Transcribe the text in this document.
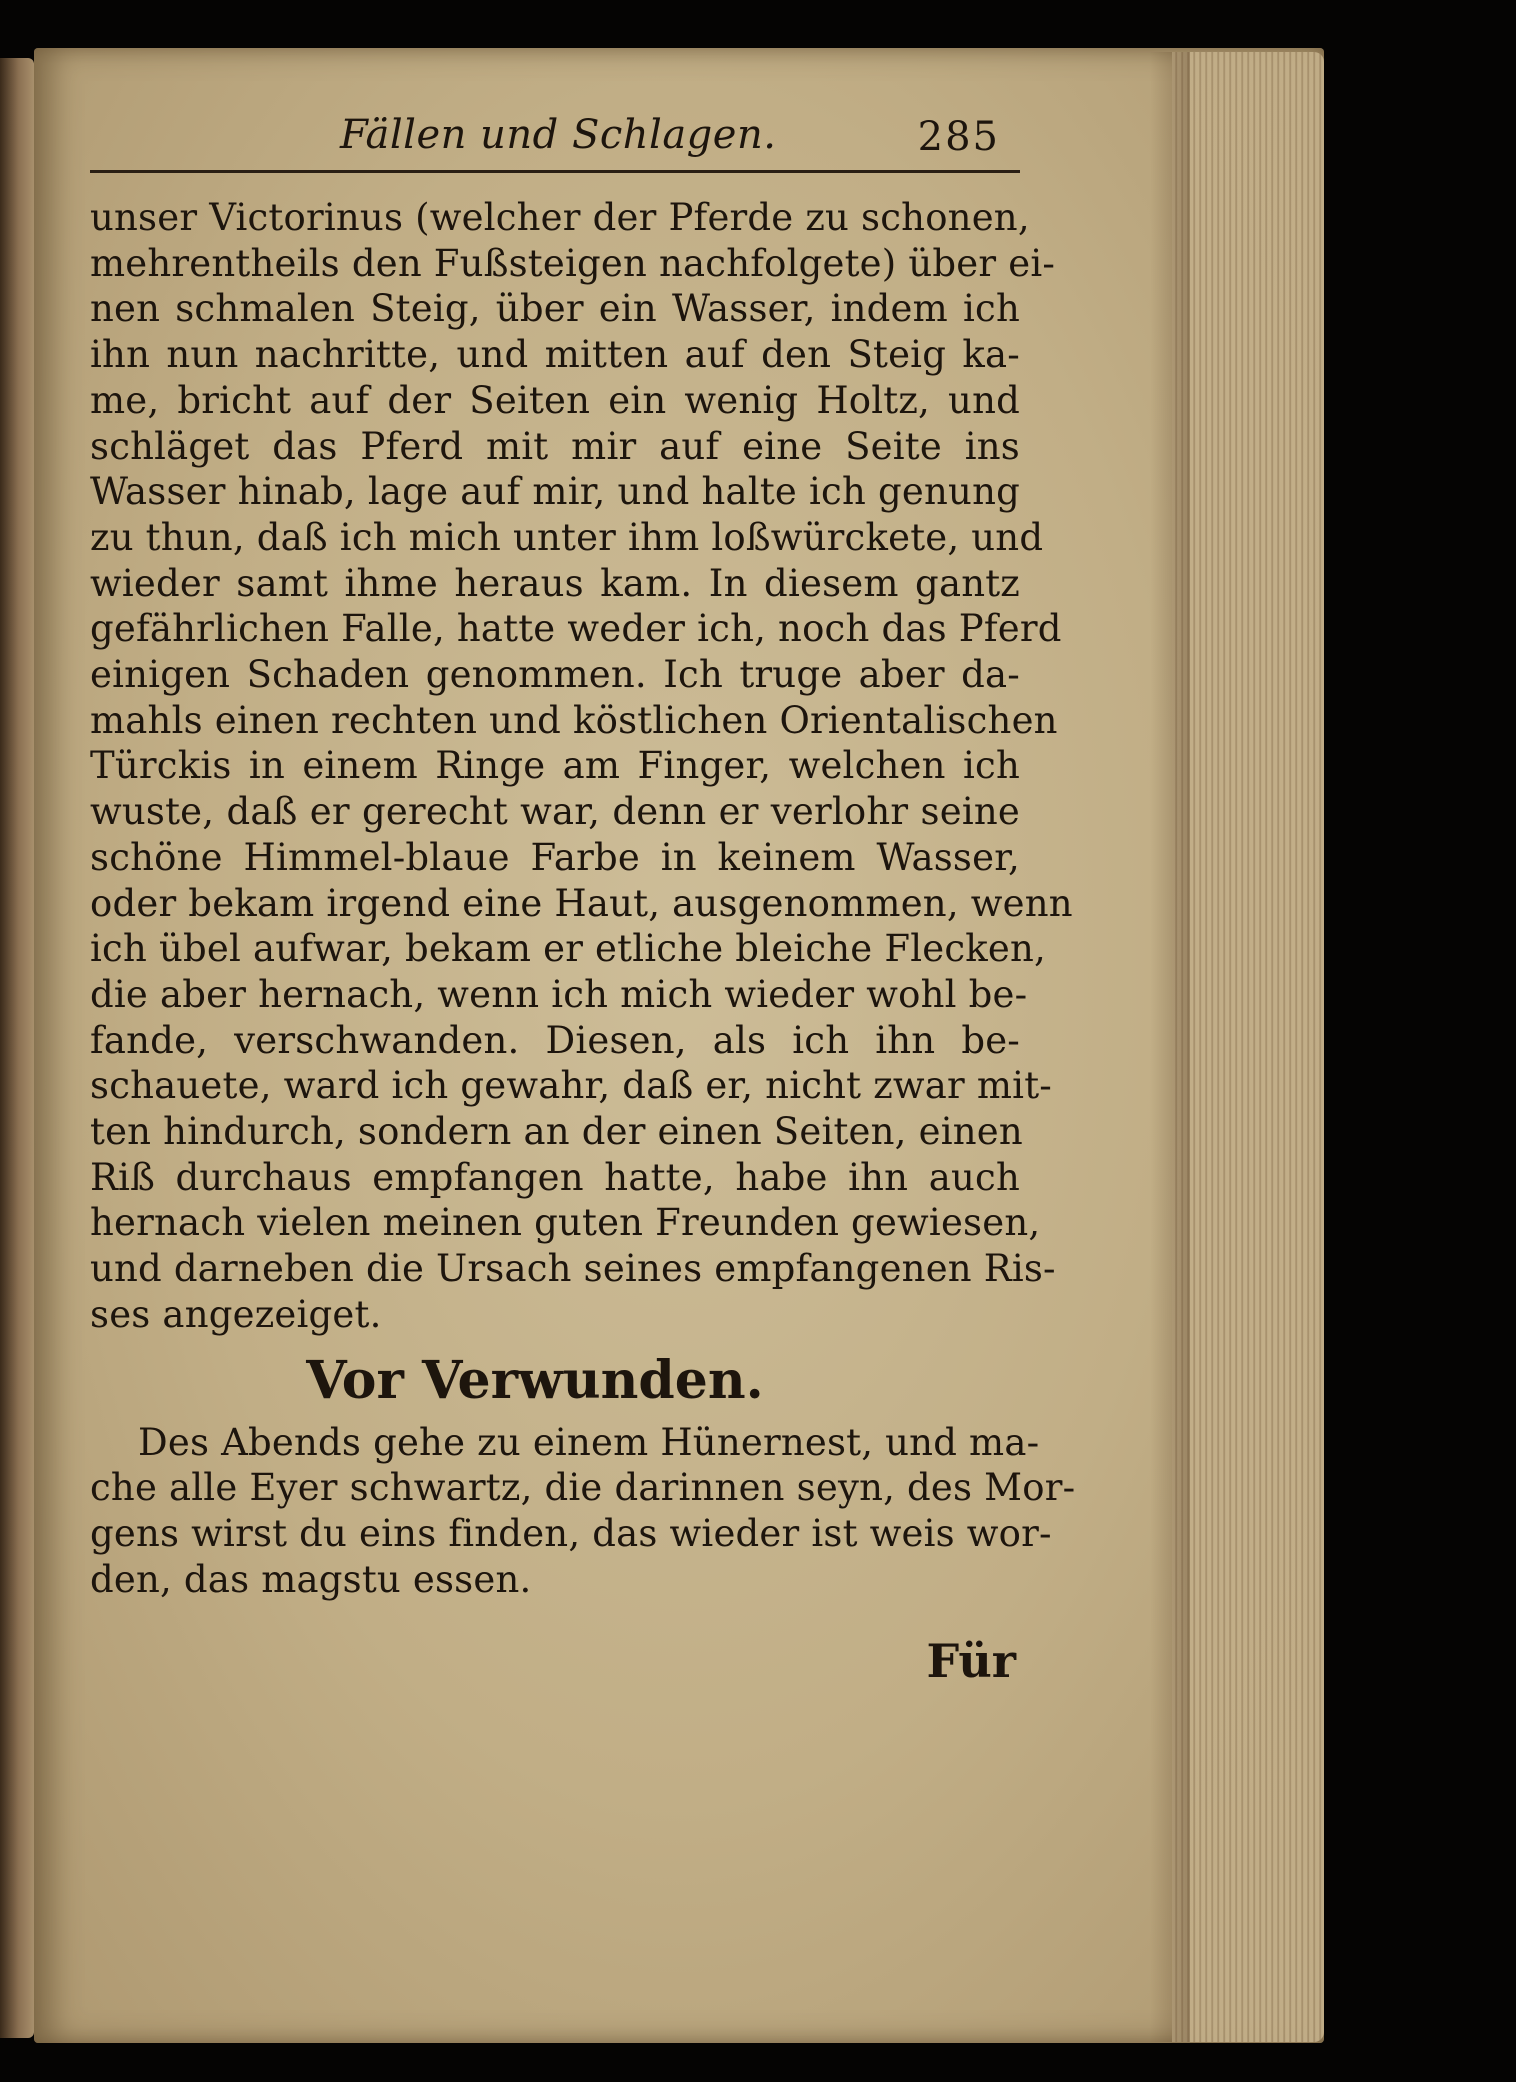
Fällen und Schlagen.	285
unser Victorinus (welcher der Pferde zu schonen,
mehrentheils den Fußsteigen nachfolgete) über ei-
nen schmalen Steig, über ein Wasser, indem ich
ihn nun nachritte, und mitten auf den Steig ka-
me, bricht auf der Seiten ein wenig Holtz, und
schläget das Pferd mit mir auf eine Seite ins
Wasser hinab, lage auf mir, und halte ich genung
zu thun, daß ich mich unter ihm loßwürckete, und
wieder samt ihme heraus kam. In diesem gantz
gefährlichen Falle, hatte weder ich, noch das Pferd
einigen Schaden genommen. Ich truge aber da-
mahls einen rechten und köstlichen Orientalischen
Türckis in einem Ringe am Finger, welchen ich
wuste, daß er gerecht war, denn er verlohr seine
schöne Himmel-blaue Farbe in keinem Wasser,
oder bekam irgend eine Haut, ausgenommen, wenn
ich übel aufwar, bekam er etliche bleiche Flecken,
die aber hernach, wenn ich mich wieder wohl be-
fande, verschwanden. Diesen, als ich ihn be-
schauete, ward ich gewahr, daß er, nicht zwar mit-
ten hindurch, sondern an der einen Seiten, einen
Riß durchaus empfangen hatte, habe ihn auch
hernach vielen meinen guten Freunden gewiesen,
und darneben die Ursach seines empfangenen Ris-
ses angezeiget.
Vor Verwunden.
Des Abends gehe zu einem Hünernest, und ma-
che alle Eyer schwartz, die darinnen seyn, des Mor-
gens wirst du eins finden, das wieder ist weis wor-
den, das magstu essen.
Für
